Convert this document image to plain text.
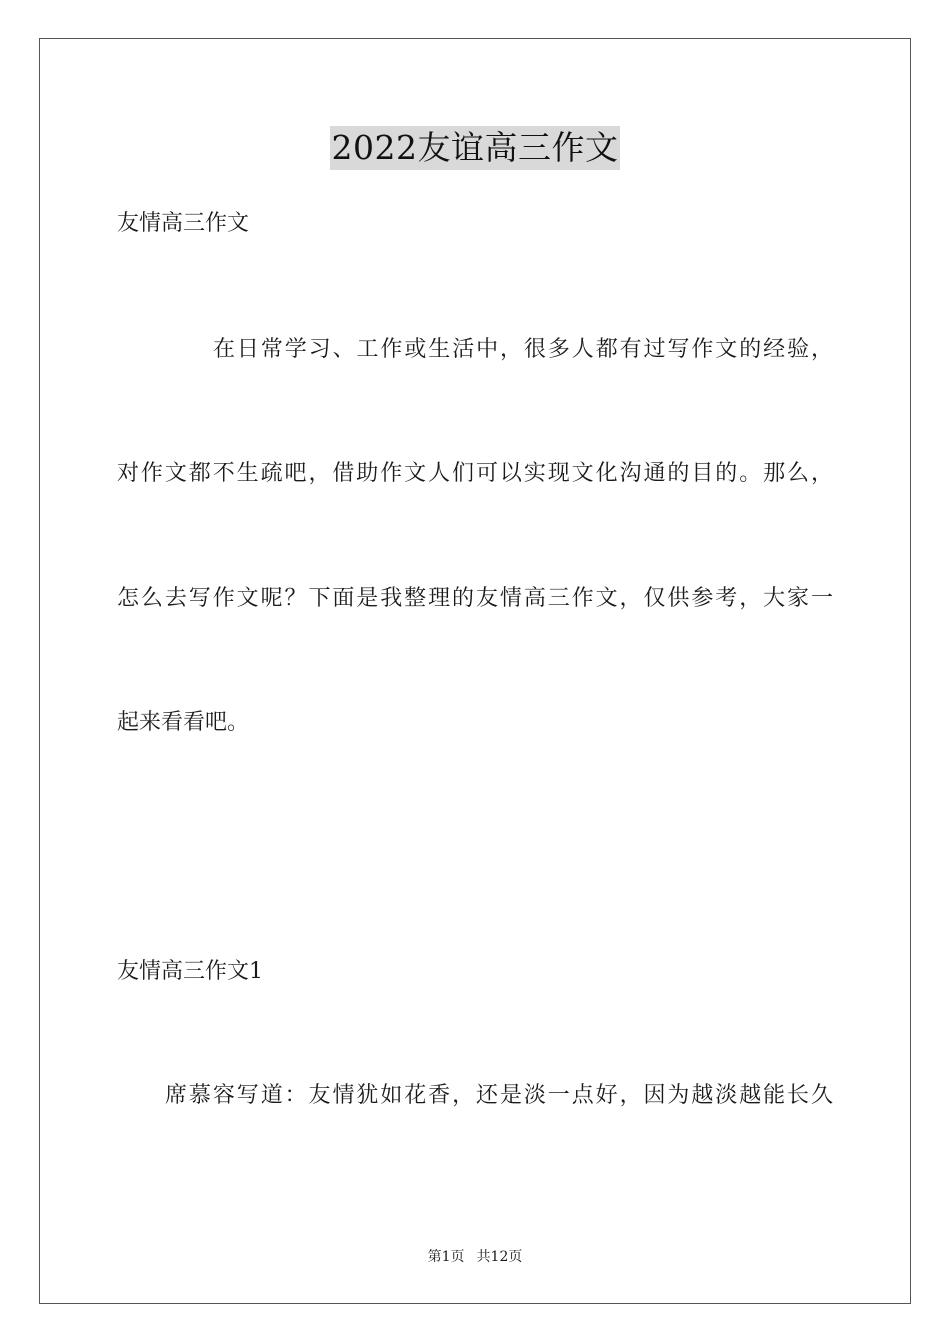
2022友谊高三作文
友情高三作文
在日常学习、工作或生活中，很多人都有过写作文的经验，
对作文都不生疏吧，借助作文人们可以实现文化沟通的目的。那么，
怎么去写作文呢？下面是我整理的友情高三作文，仅供参考，大家一
起来看看吧。
友情高三作文1
席慕容写道：友情犹如花香，还是淡一点好，因为越淡越能长久
第1页 共12页
